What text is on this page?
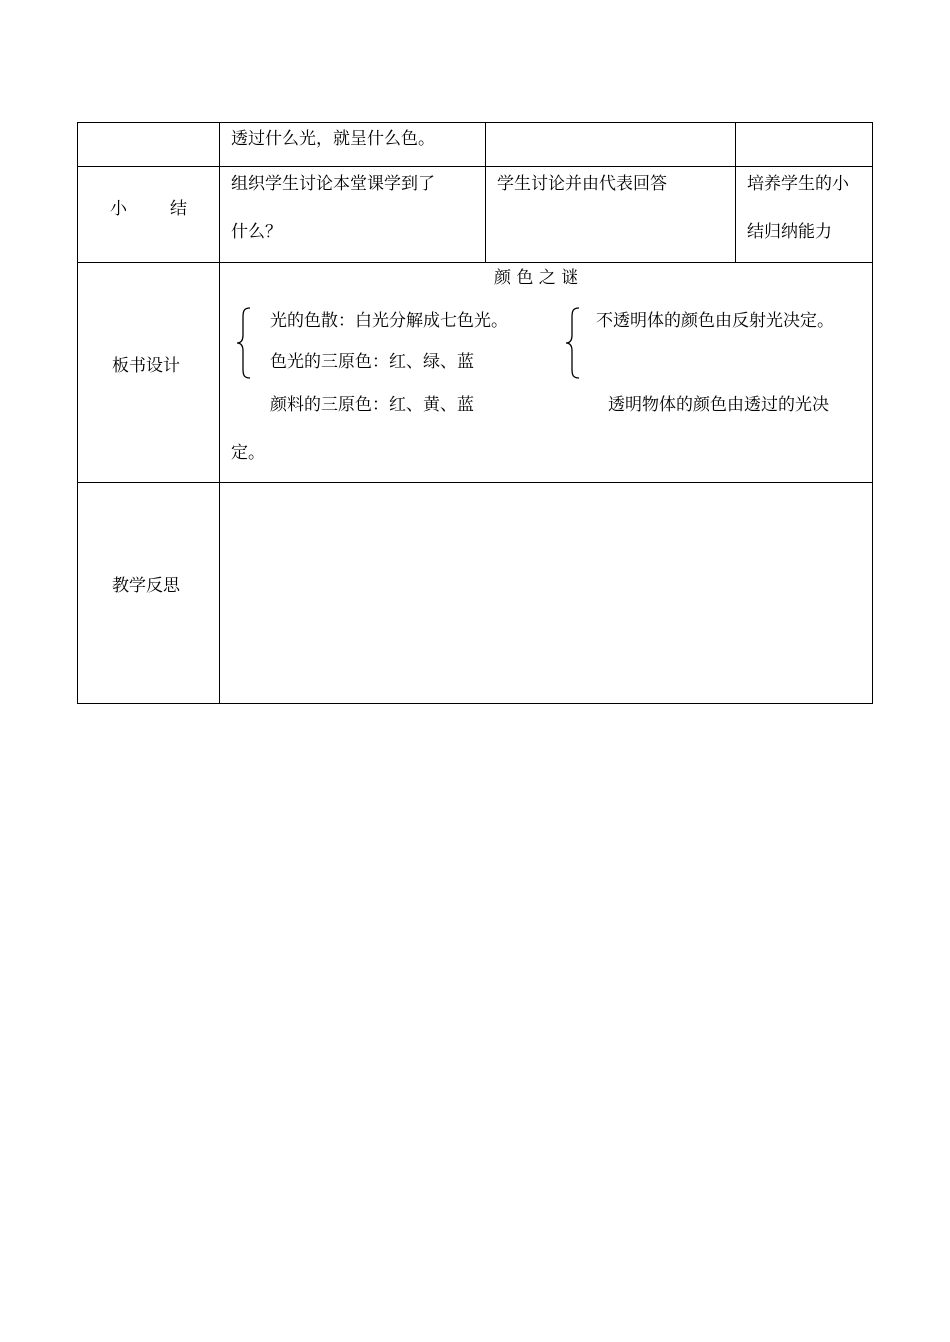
透过什么光，就呈什么色。
小	结
组织学生讨论本堂课学到了
什么？
学生讨论并由代表回答	培养学生的小
结归纳能力
板书设计
颜 色 之 谜
光的色散：白光分解成七色光。
色光的三原色：红、绿、蓝
颜料的三原色：红、黄、蓝
不透明体的颜色由反射光决定。
透明物体的颜色由透过的光决
定。
教学反思
